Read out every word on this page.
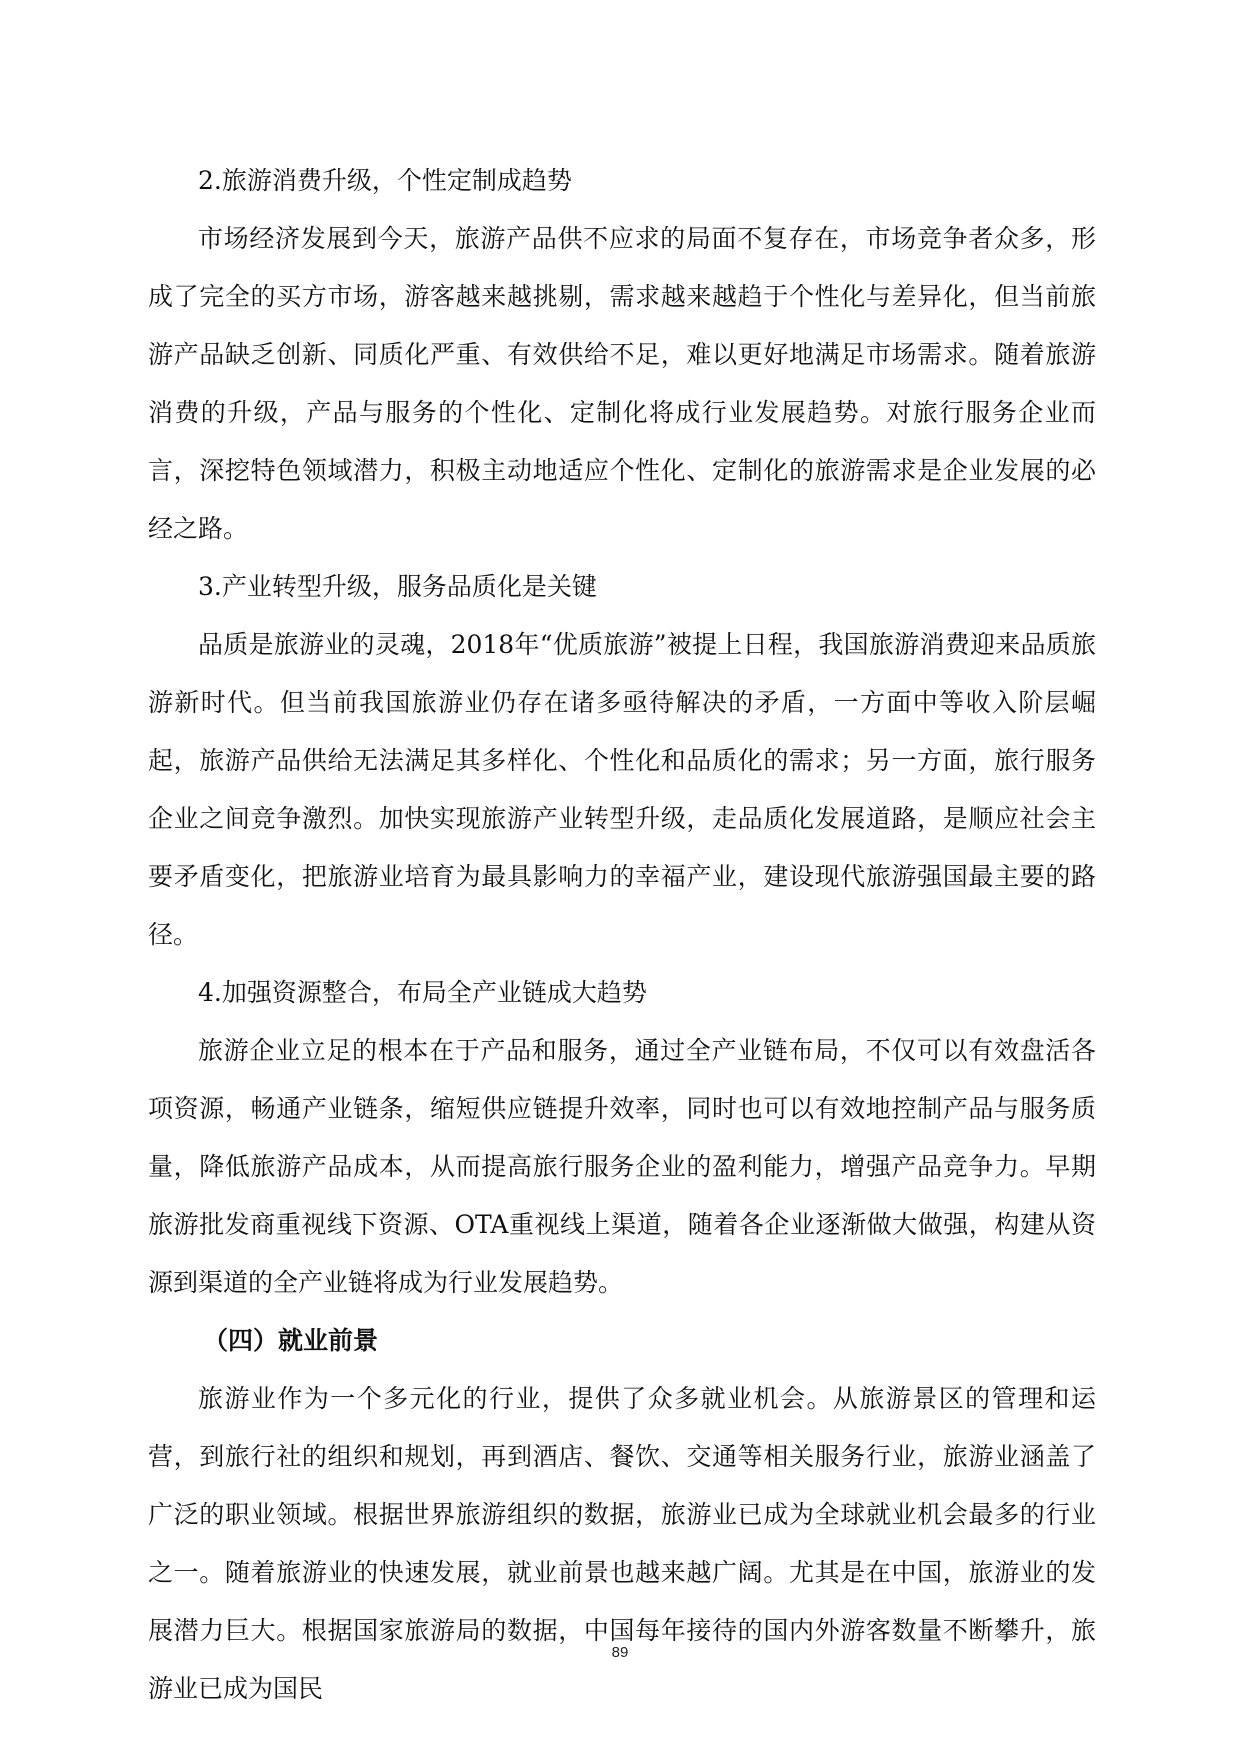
2.旅游消费升级，个性定制成趋势

市场经济发展到今天，旅游产品供不应求的局面不复存在，市场竞争者众多，形成了完全的买方市场，游客越来越挑剔，需求越来越趋于个性化与差异化，但当前旅游产品缺乏创新、同质化严重、有效供给不足，难以更好地满足市场需求。随着旅游消费的升级，产品与服务的个性化、定制化将成行业发展趋势。对旅行服务企业而言，深挖特色领域潜力，积极主动地适应个性化、定制化的旅游需求是企业发展的必经之路。

3.产业转型升级，服务品质化是关键

品质是旅游业的灵魂，2018年“优质旅游”被提上日程，我国旅游消费迎来品质旅游新时代。但当前我国旅游业仍存在诸多亟待解决的矛盾，一方面中等收入阶层崛起，旅游产品供给无法满足其多样化、个性化和品质化的需求；另一方面，旅行服务企业之间竞争激烈。加快实现旅游产业转型升级，走品质化发展道路，是顺应社会主要矛盾变化，把旅游业培育为最具影响力的幸福产业，建设现代旅游强国最主要的路径。

4.加强资源整合，布局全产业链成大趋势

旅游企业立足的根本在于产品和服务，通过全产业链布局，不仅可以有效盘活各项资源，畅通产业链条，缩短供应链提升效率，同时也可以有效地控制产品与服务质量，降低旅游产品成本，从而提高旅行服务企业的盈利能力，增强产品竞争力。早期旅游批发商重视线下资源、OTA重视线上渠道，随着各企业逐渐做大做强，构建从资源到渠道的全产业链将成为行业发展趋势。

（四）就业前景

旅游业作为一个多元化的行业，提供了众多就业机会。从旅游景区的管理和运营，到旅行社的组织和规划，再到酒店、餐饮、交通等相关服务行业，旅游业涵盖了广泛的职业领域。根据世界旅游组织的数据，旅游业已成为全球就业机会最多的行业之一。随着旅游业的快速发展，就业前景也越来越广阔。尤其是在中国，旅游业的发展潜力巨大。根据国家旅游局的数据，中国每年接待的国内外游客数量不断攀升，旅游业已成为国民

89
